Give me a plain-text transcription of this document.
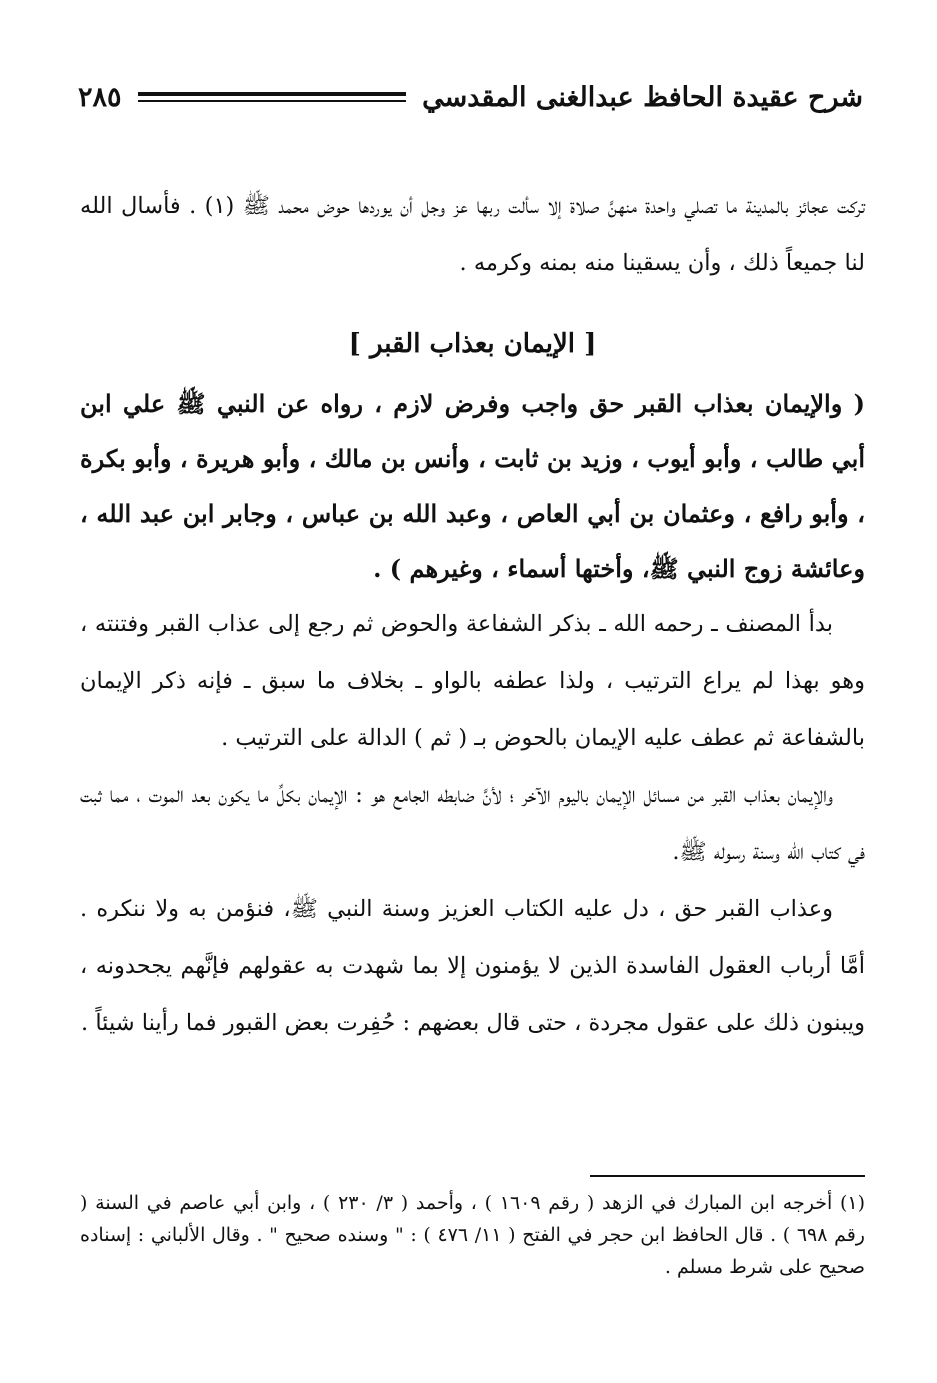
شرح عقيدة الحافظ عبدالغنى المقدسي
٢٨٥

تركت عجائز بالمدينة ما تصلي واحدة منهنَّ صلاة إلا سألت ربها عز وجل أن يوردها حوض محمد ﷺ (١) . فأسال الله لنا جميعاً ذلك ، وأن يسقينا منه بمنه وكرمه .

[ الإيمان بعذاب القبر ]

( والإيمان بعذاب القبر حق واجب وفرض لازم ، رواه عن النبي ﷺ علي ابن أبي طالب ، وأبو أيوب ، وزيد بن ثابت ، وأنس بن مالك ، وأبو هريرة ، وأبو بكرة ، وأبو رافع ، وعثمان بن أبي العاص ، وعبد الله بن عباس ، وجابر ابن عبد الله ، وعائشة زوج النبي ﷺ، وأختها أسماء ، وغيرهم ) .

بدأ المصنف ـ رحمه الله ـ بذكر الشفاعة والحوض ثم رجع إلى عذاب القبر وفتنته ، وهو بهذا لم يراع الترتيب ، ولذا عطفه بالواو ـ بخلاف ما سبق ـ فإنه ذكر الإيمان بالشفاعة ثم عطف عليه الإيمان بالحوض بـ ( ثم ) الدالة على الترتيب .

والإيمان بعذاب القبر من مسائل الإيمان باليوم الآخر ؛ لأنَّ ضابطه الجامع هو : الإيمان بكلِّ ما يكون بعد الموت ، مما ثبت في كتاب الله وسنة رسوله ﷺ.

وعذاب القبر حق ، دل عليه الكتاب العزيز وسنة النبي ﷺ، فنؤمن به ولا ننكره . أمَّا أرباب العقول الفاسدة الذين لا يؤمنون إلا بما شهدت به عقولهم فإنَّهم يجحدونه ، ويبنون ذلك على عقول مجردة ، حتى قال بعضهم : حُفِرت بعض القبور فما رأينا شيئاً .

(١) أخرجه ابن المبارك في الزهد ( رقم ١٦٠٩ ) ، وأحمد ( ٣/ ٢٣٠ ) ، وابن أبي عاصم في السنة ( رقم ٦٩٨ ) . قال الحافظ ابن حجر في الفتح ( ١١/ ٤٧٦ ) : " وسنده صحيح " . وقال الألباني : إسناده صحيح على شرط مسلم .
